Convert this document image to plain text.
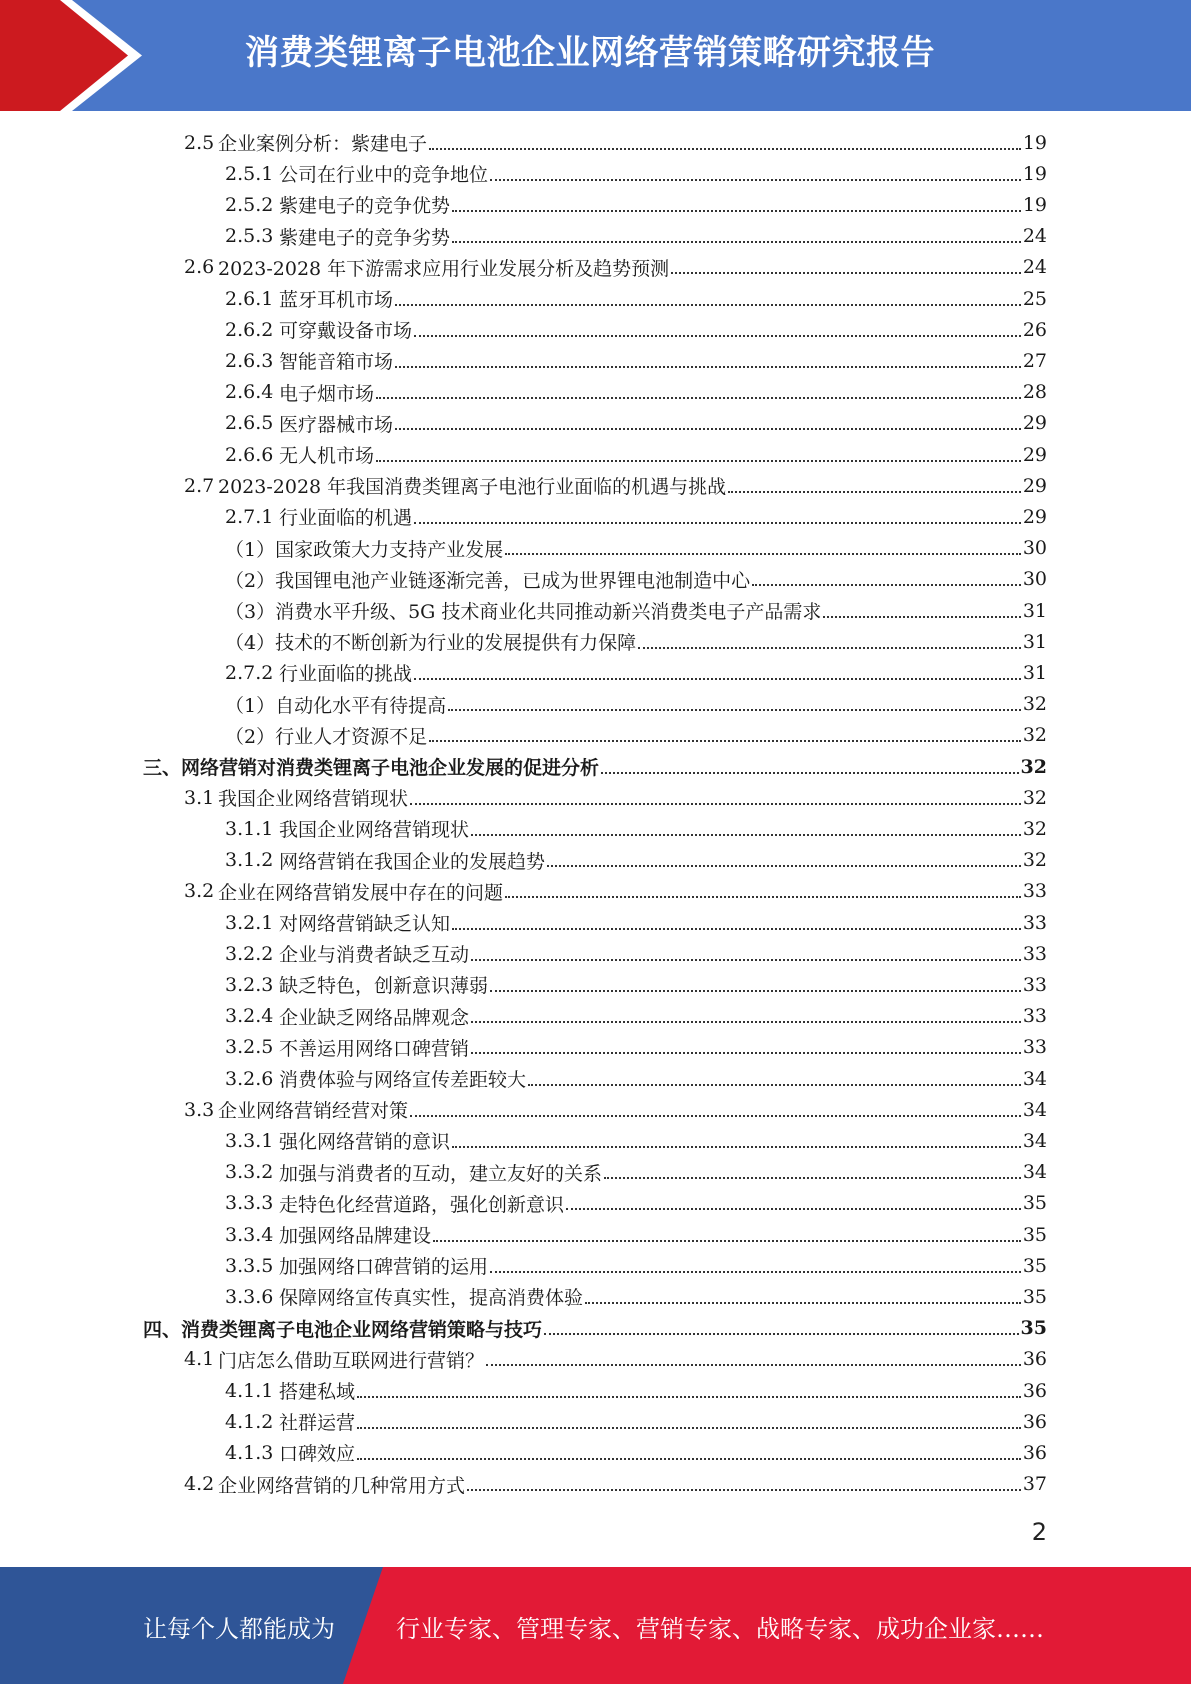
消费类锂离子电池企业网络营销策略研究报告
2.5 企业案例分析：紫建电子	19
2.5.1 公司在行业中的竞争地位	19
2.5.2 紫建电子的竞争优势	19
2.5.3 紫建电子的竞争劣势	24
2.6 2023-2028 年下游需求应用行业发展分析及趋势预测	24
2.6.1 蓝牙耳机市场	25
2.6.2 可穿戴设备市场	26
2.6.3 智能音箱市场	27
2.6.4 电子烟市场	28
2.6.5 医疗器械市场	29
2.6.6 无人机市场	29
2.7 2023-2028 年我国消费类锂离子电池行业面临的机遇与挑战	29
2.7.1 行业面临的机遇	29
（1）国家政策大力支持产业发展	30
（2）我国锂电池产业链逐渐完善，已成为世界锂电池制造中心	30
（3）消费水平升级、5G 技术商业化共同推动新兴消费类电子产品需求	31
（4）技术的不断创新为行业的发展提供有力保障	31
2.7.2 行业面临的挑战	31
（1）自动化水平有待提高	32
（2）行业人才资源不足	32
三、网络营销对消费类锂离子电池企业发展的促进分析	32
3.1 我国企业网络营销现状	32
3.1.1 我国企业网络营销现状	32
3.1.2 网络营销在我国企业的发展趋势	32
3.2 企业在网络营销发展中存在的问题	33
3.2.1 对网络营销缺乏认知	33
3.2.2 企业与消费者缺乏互动	33
3.2.3 缺乏特色，创新意识薄弱	33
3.2.4 企业缺乏网络品牌观念	33
3.2.5 不善运用网络口碑营销	33
3.2.6 消费体验与网络宣传差距较大	34
3.3 企业网络营销经营对策	34
3.3.1 强化网络营销的意识	34
3.3.2 加强与消费者的互动，建立友好的关系	34
3.3.3 走特色化经营道路，强化创新意识	35
3.3.4 加强网络品牌建设	35
3.3.5 加强网络口碑营销的运用	35
3.3.6 保障网络宣传真实性，提高消费体验	35
四、消费类锂离子电池企业网络营销策略与技巧	35
4.1 门店怎么借助互联网进行营销？	36
4.1.1 搭建私域	36
4.1.2 社群运营	36
4.1.3 口碑效应	36
4.2 企业网络营销的几种常用方式	37
2
让每个人都能成为	行业专家、管理专家、营销专家、战略专家、成功企业家……
